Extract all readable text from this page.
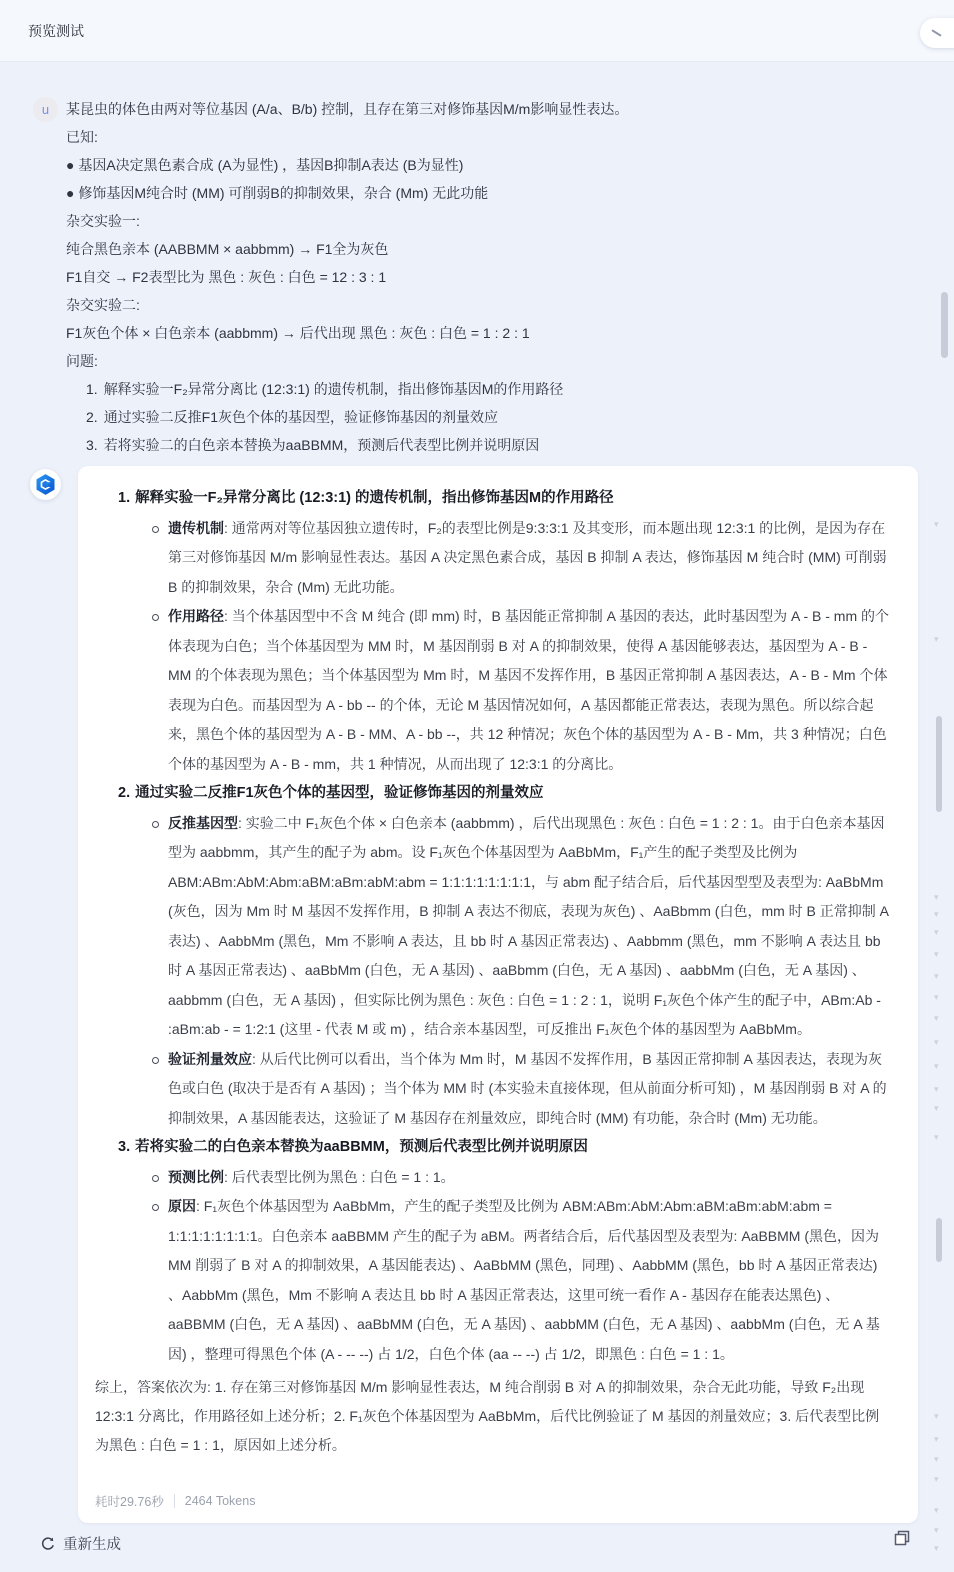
预览测试
u	某昆虫的体色由两对等位基因 (A/a、B/b) 控制，且存在第三对修饰基因M/m影响显性表达。
已知:
● 基因A决定黑色素合成 (A为显性) ，基因B抑制A表达 (B为显性)
● 修饰基因M纯合时 (MM) 可削弱B的抑制效果，杂合 (Mm) 无此功能
杂交实验一:
纯合黑色亲本 (AABBMM × aabbmm) → F1全为灰色
F1自交 → F2表型比为 黑色 : 灰色 : 白色 = 12 : 3 : 1
杂交实验二:
F1灰色个体 × 白色亲本 (aabbmm) → 后代出现 黑色 : 灰色 : 白色 = 1 : 2 : 1
问题:
1. 解释实验一F₂异常分离比 (12:3:1) 的遗传机制，指出修饰基因M的作用路径
2. 通过实验二反推F1灰色个体的基因型，验证修饰基因的剂量效应
3. 若将实验二的白色亲本替换为aaBBMM，预测后代表型比例并说明原因
1. 解释实验一F₂异常分离比 (12:3:1) 的遗传机制，指出修饰基因M的作用路径

遗传机制: 通常两对等位基因独立遗传时，F₂的表型比例是9:3:3:1 及其变形，而本题出现 12:3:1 的比例，是因为存在第三对修饰基因 M/m 影响显性表达。基因 A 决定黑色素合成，基因 B 抑制 A 表达，修饰基因 M 纯合时 (MM) 可削弱 B 的抑制效果，杂合 (Mm) 无此功能。

作用路径: 当个体基因型中不含 M 纯合 (即 mm) 时，B 基因能正常抑制 A 基因的表达，此时基因型为 A - B - mm 的个体表现为白色；当个体基因型为 MM 时，M 基因削弱 B 对 A 的抑制效果，使得 A 基因能够表达，基因型为 A - B - MM 的个体表现为黑色；当个体基因型为 Mm 时，M 基因不发挥作用，B 基因正常抑制 A 基因表达，A - B - Mm 个体表现为白色。而基因型为 A - bb -- 的个体，无论 M 基因情况如何，A 基因都能正常表达，表现为黑色。所以综合起来，黑色个体的基因型为 A - B - MM、A - bb --，共 12 种情况；灰色个体的基因型为 A - B - Mm，共 3 种情况；白色个体的基因型为 A - B - mm，共 1 种情况，从而出现了 12:3:1 的分离比。

2. 通过实验二反推F1灰色个体的基因型，验证修饰基因的剂量效应

反推基因型: 实验二中 F₁灰色个体 × 白色亲本 (aabbmm) ，后代出现黑色 : 灰色 : 白色 = 1 : 2 : 1。由于白色亲本基因型为 aabbmm，其产生的配子为 abm。设 F₁灰色个体基因型为 AaBbMm，F₁产生的配子类型及比例为 ABM:ABm:AbM:Abm:aBM:aBm:abM:abm = 1:1:1:1:1:1:1:1，与 abm 配子结合后，后代基因型型及表型为: AaBbMm (灰色，因为 Mm 时 M 基因不发挥作用，B 抑制 A 表达不彻底，表现为灰色) 、AaBbmm (白色，mm 时 B 正常抑制 A 表达) 、AabbMm (黑色，Mm 不影响 A 表达，且 bb 时 A 基因正常表达) 、Aabbmm (黑色，mm 不影响 A 表达且 bb 时 A 基因正常表达) 、aaBbMm (白色，无 A 基因) 、aaBbmm (白色，无 A 基因) 、aabbMm (白色，无 A 基因) 、aabbmm (白色，无 A 基因) ，但实际比例为黑色 : 灰色 : 白色 = 1 : 2 : 1，说明 F₁灰色个体产生的配子中，ABm:Ab - :aBm:ab - = 1:2:1 (这里 - 代表 M 或 m) ，结合亲本基因型，可反推出 F₁灰色个体的基因型为 AaBbMm。

验证剂量效应: 从后代比例可以看出，当个体为 Mm 时，M 基因不发挥作用，B 基因正常抑制 A 基因表达，表现为灰色或白色 (取决于是否有 A 基因) ；当个体为 MM 时 (本实验未直接体现，但从前面分析可知) ，M 基因削弱 B 对 A 的抑制效果，A 基因能表达，这验证了 M 基因存在剂量效应，即纯合时 (MM) 有功能，杂合时 (Mm) 无功能。

3. 若将实验二的白色亲本替换为aaBBMM，预测后代表型比例并说明原因

预测比例: 后代表型比例为黑色 : 白色 = 1 : 1。

原因: F₁灰色个体基因型为 AaBbMm，产生的配子类型及比例为 ABM:ABm:AbM:Abm:aBM:aBm:abM:abm = 1:1:1:1:1:1:1:1。白色亲本 aaBBMM 产生的配子为 aBM。两者结合后，后代基因型及表型为: AaBBMM (黑色，因为 MM 削弱了 B 对 A 的抑制效果，A 基因能表达) 、AaBbMM (黑色，同理) 、AabbMM (黑色，bb 时 A 基因正常表达) 、AabbMm (黑色，Mm 不影响 A 表达且 bb 时 A 基因正常表达，这里可统一看作 A - 基因存在能表达黑色) 、aaBBMM (白色，无 A 基因) 、aaBbMM (白色，无 A 基因) 、aabbMM (白色，无 A 基因) 、aabbMm (白色，无 A 基因) ，整理可得黑色个体 (A - -- --) 占 1/2，白色个体 (aa -- --) 占 1/2，即黑色 : 白色 = 1 : 1。

综上，答案依次为: 1. 存在第三对修饰基因 M/m 影响显性表达，M 纯合削弱 B 对 A 的抑制效果，杂合无此功能，导致 F₂出现 12:3:1 分离比，作用路径如上述分析；2. F₁灰色个体基因型为 AaBbMm，后代比例验证了 M 基因的剂量效应；3. 后代表型比例为黑色 : 白色 = 1 : 1，原因如上述分析。

耗时29.76秒 2464 Tokens
重新生成
▾
▾
▾
▾
▾
▾
▾
▾
▾
▾
▾
▾
▾
▾
▾
▾
▾
▾
▾
▾
▾
